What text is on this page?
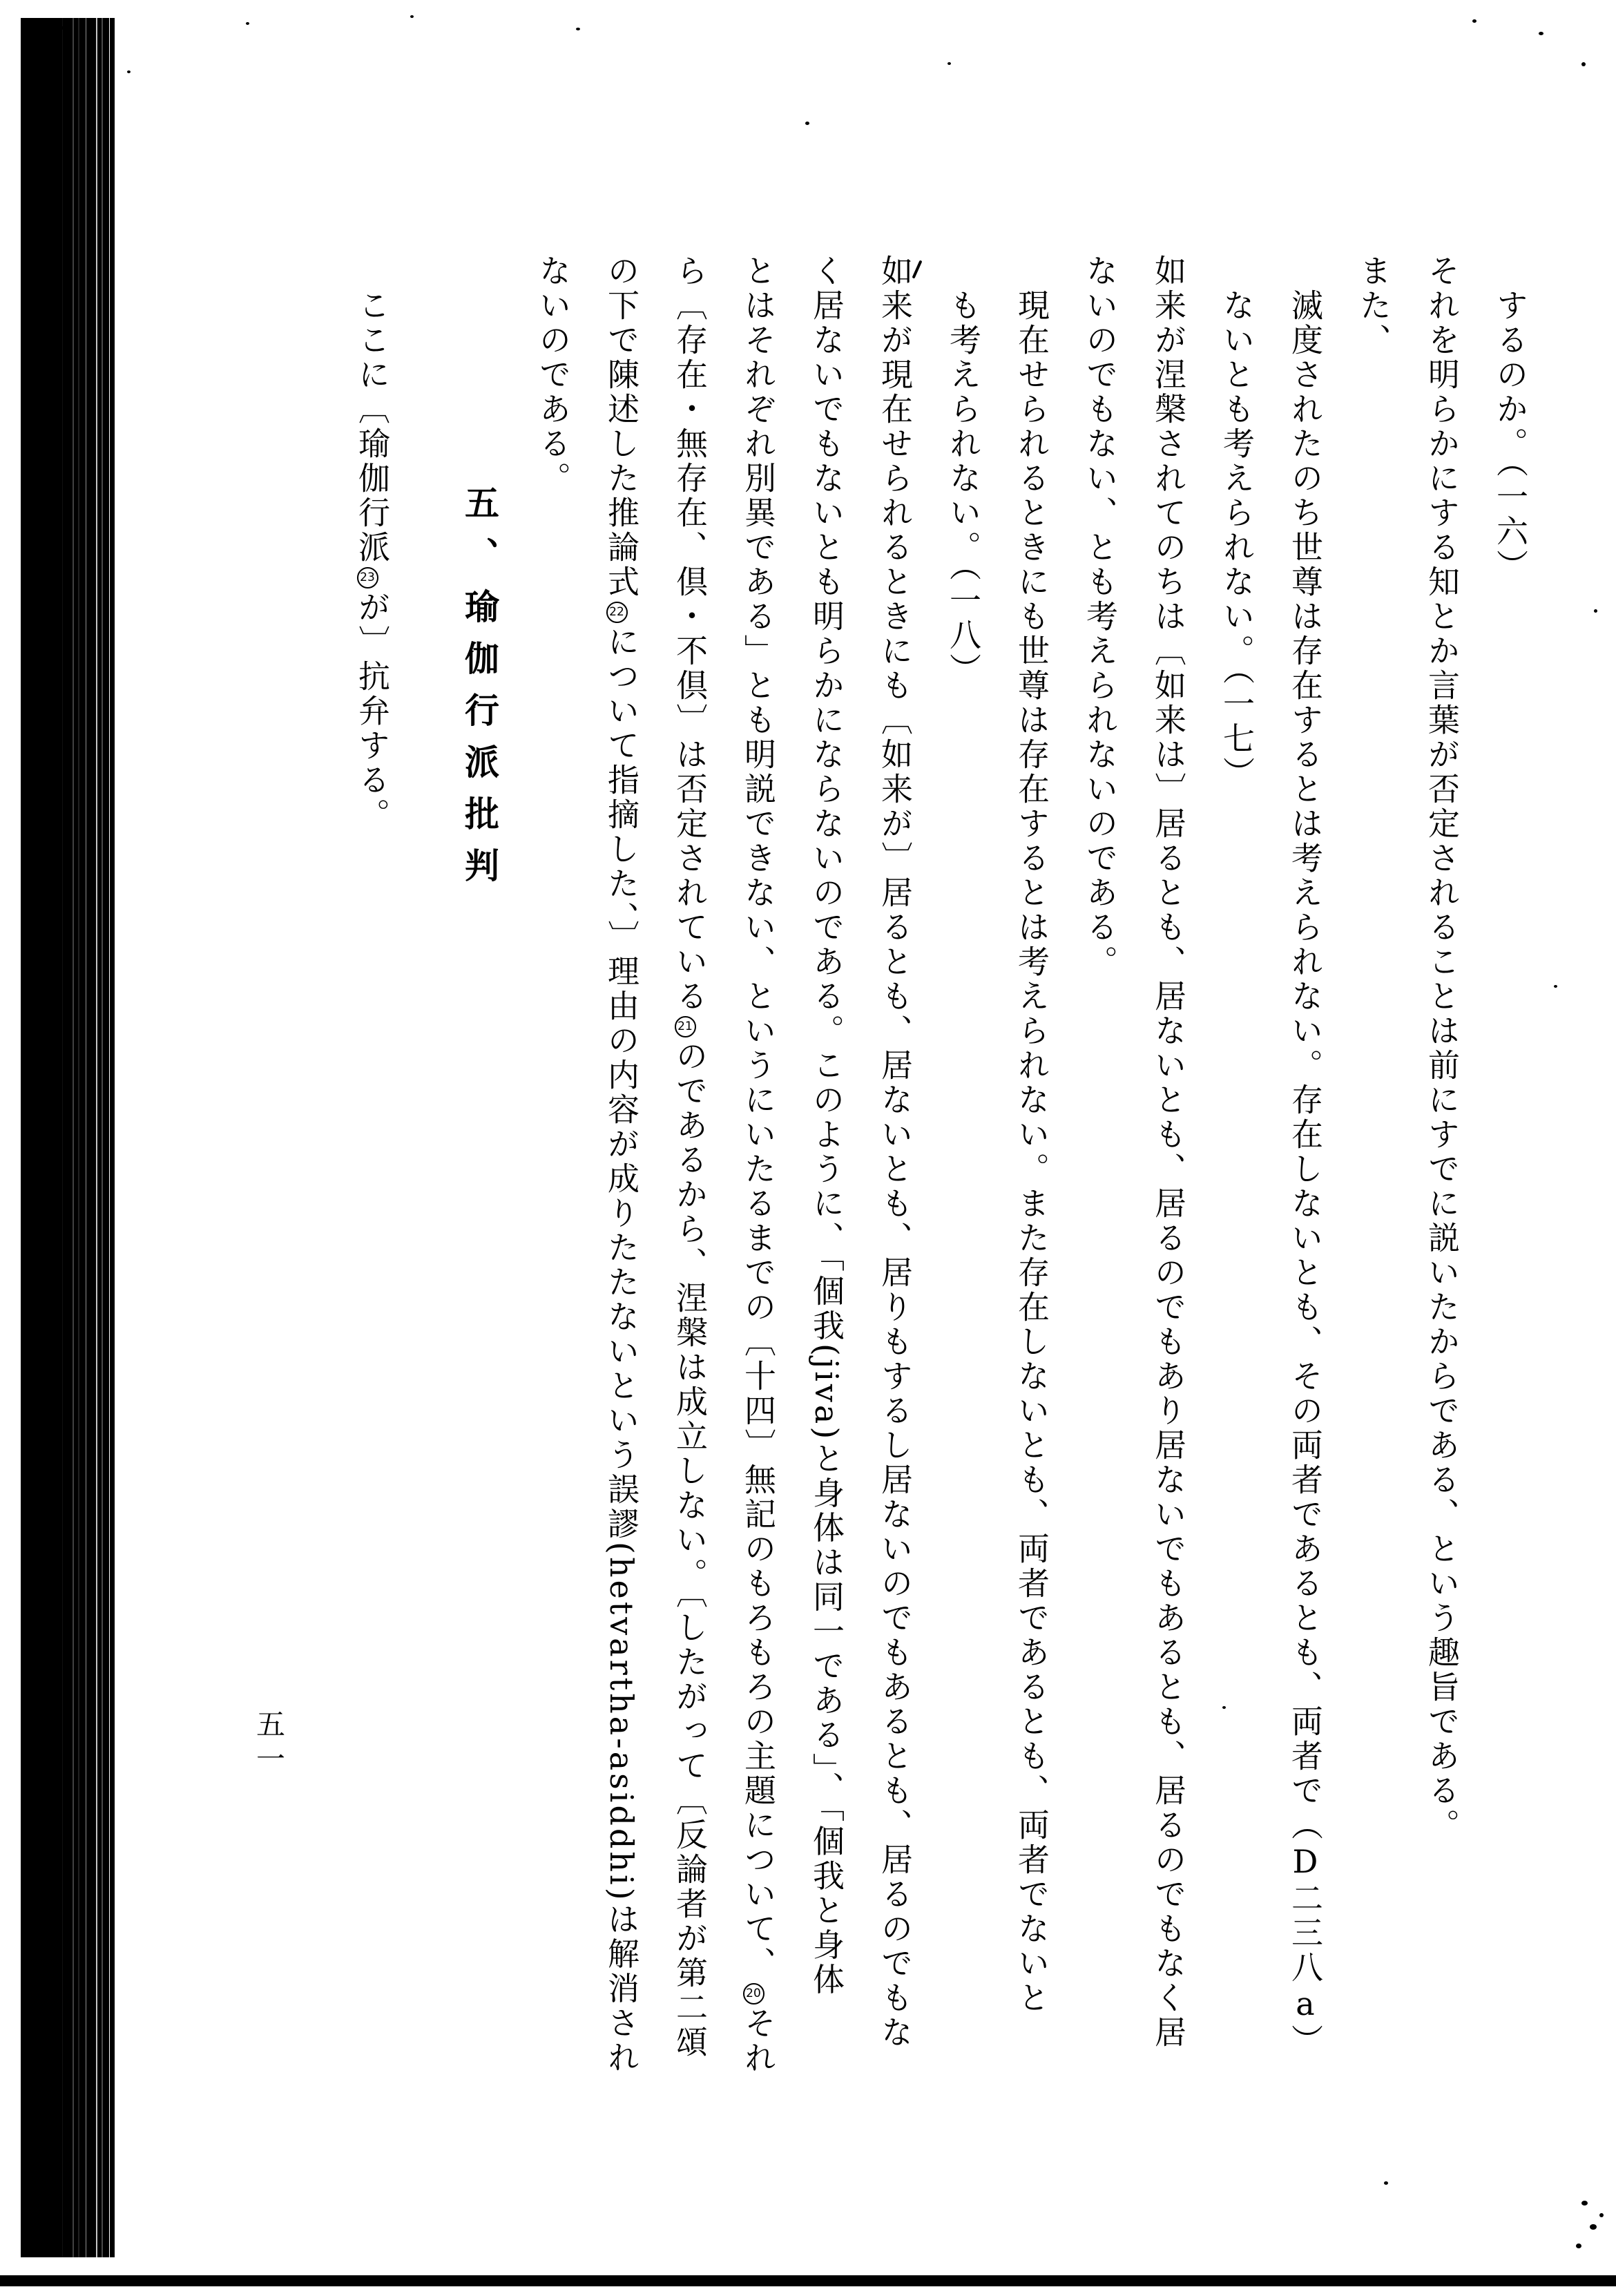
するのか。（一六）
それを明らかにする知とか言葉が否定されることは前にすでに説いたからである、という趣旨である。
また、
滅度されたのち世尊は存在するとは考えられない。存在しないとも、その両者であるとも、両者で（D二三八a）
ないとも考えられない。（一七）
如来が涅槃されてのちは〔如来は〕居るとも、居ないとも、居るのでもあり居ないでもあるとも、居るのでもなく居
ないのでもない、とも考えられないのである。
現在せられるときにも世尊は存在するとは考えられない。また存在しないとも、両者であるとも、両者でないと
も考えられない。（一八）
如来が現在せられるときにも〔如来が〕居るとも、居ないとも、居りもするし居ないのでもあるとも、居るのでもな
く居ないでもないとも明らかにならないのである。このように、「個我(jiva)と身体は同一である」、「個我と身体
とはそれぞれ別異である」とも明説できない、というにいたるまでの〔十四〕無記のもろもろの主題について、20それ
ら〔存在・無存在、倶・不倶〕は否定されている21のであるから、涅槃は成立しない。〔したがって〔反論者が第二頌
の下で陳述した推論式22について指摘した、〕理由の内容が成りたたないという誤謬(hetvartha-asiddhi)は解消され
ないのである。
五、瑜伽行派批判
ここに〔瑜伽行派23が〕抗弁する。
五一
